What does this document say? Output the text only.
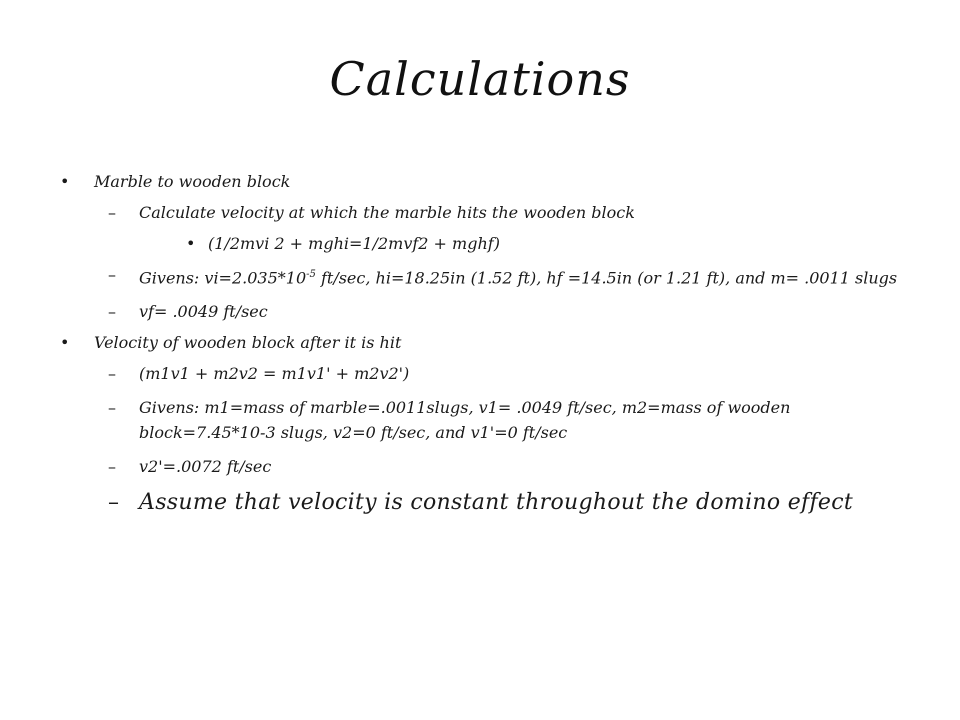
Calculations
• Marble to wooden block
– Calculate velocity at which the marble hits the wooden block
• (1/2mvi 2 + mghi=1/2mvf2 + mghf)
– Givens: $vi=2.035*10^{-5}$ ft/sec, hi=18.25in (1.52 ft), hf =14.5in (or 1.21 ft), and m= .0011 slugs
– vf= .0049 ft/sec
• Velocity of wooden block after it is hit
– (m1v1 + m2v2 = m1v1' + m2v2')
– Givens: m1=mass of marble=.0011slugs, v1= .0049 ft/sec, m2=mass of wooden block=7.45*10-3 slugs, v2=0 ft/sec, and v1'=0 ft/sec
– v2'=.0072 ft/sec
– Assume that velocity is constant throughout the domino effect
